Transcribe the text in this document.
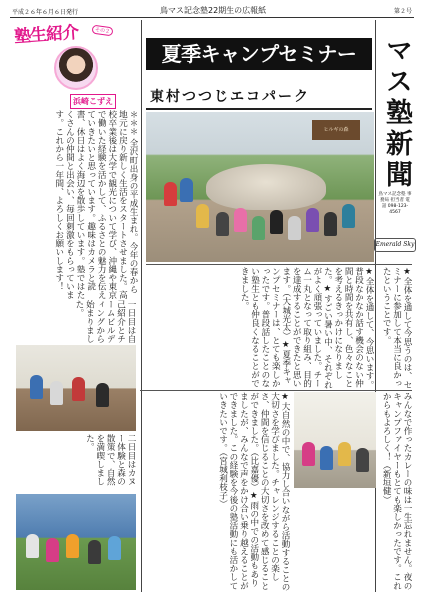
平成２６年６月６日発行	鳥マス記念塾22期生の広報紙	第２号
塾生紹介	その２
浜崎こずえ
＊＊＊ 全沢町出身の平成生まれ。今年の春から地元に戻り新しく生活をスタートさせました。高校卒業後は大学で観光について学び、沖縄や東京で働いた経験を活かして、ふるさとの魅力を伝えていきたいと思っています。趣味はカメラと読書、休日はよく海辺を散歩しています。塾ではたくさんの仲間と出会い、毎回刺激をもらっています。これから一年間、よろしくお願いします！
夏季キャンプセミナー
東村つつじエコパーク	マス塾新聞
鳥マス記念塾 事務局 担当者 電話 098-123-4567
Emerald Sky
ヒルギの森
★全体を通して、今思います。普段なかなか話す機会のない仲間と時間を共有し、色々なことを考えるきっかけになりました。★すごい暑い中、それぞれがよく頑張っていました。チーム一丸となって取り組み、目的を達成することができたと思います。（大城光太）★夏季キャンプセミナーは、とても楽しかったです。普段話したことのない塾生とも仲良くなることができました。
★大自然の中で、協力し合いながら活動することの大切さを学びました。チャレンジすることの楽しさ、仲間を信じることの大切さを改めて感じることができました。（比嘉優）★雨の中での活動もありましたが、みんなで声をかけ合い乗り越えることができました。この経験を今後の塾活動にも活かしていきたいです。（宮城利枝子）
★全体を通して今思うのは、セミナーに参加して本当に良かったということです。
みんなで作ったカレーの味は一生忘れません。夜のキャンプファイヤーもとても楽しかったです。これからもよろしく！（新垣健）
一日目は自己紹介とチームビルディングから始まりました。
二日目はカヌー体験と森の散策で、自然を満喫しました。
